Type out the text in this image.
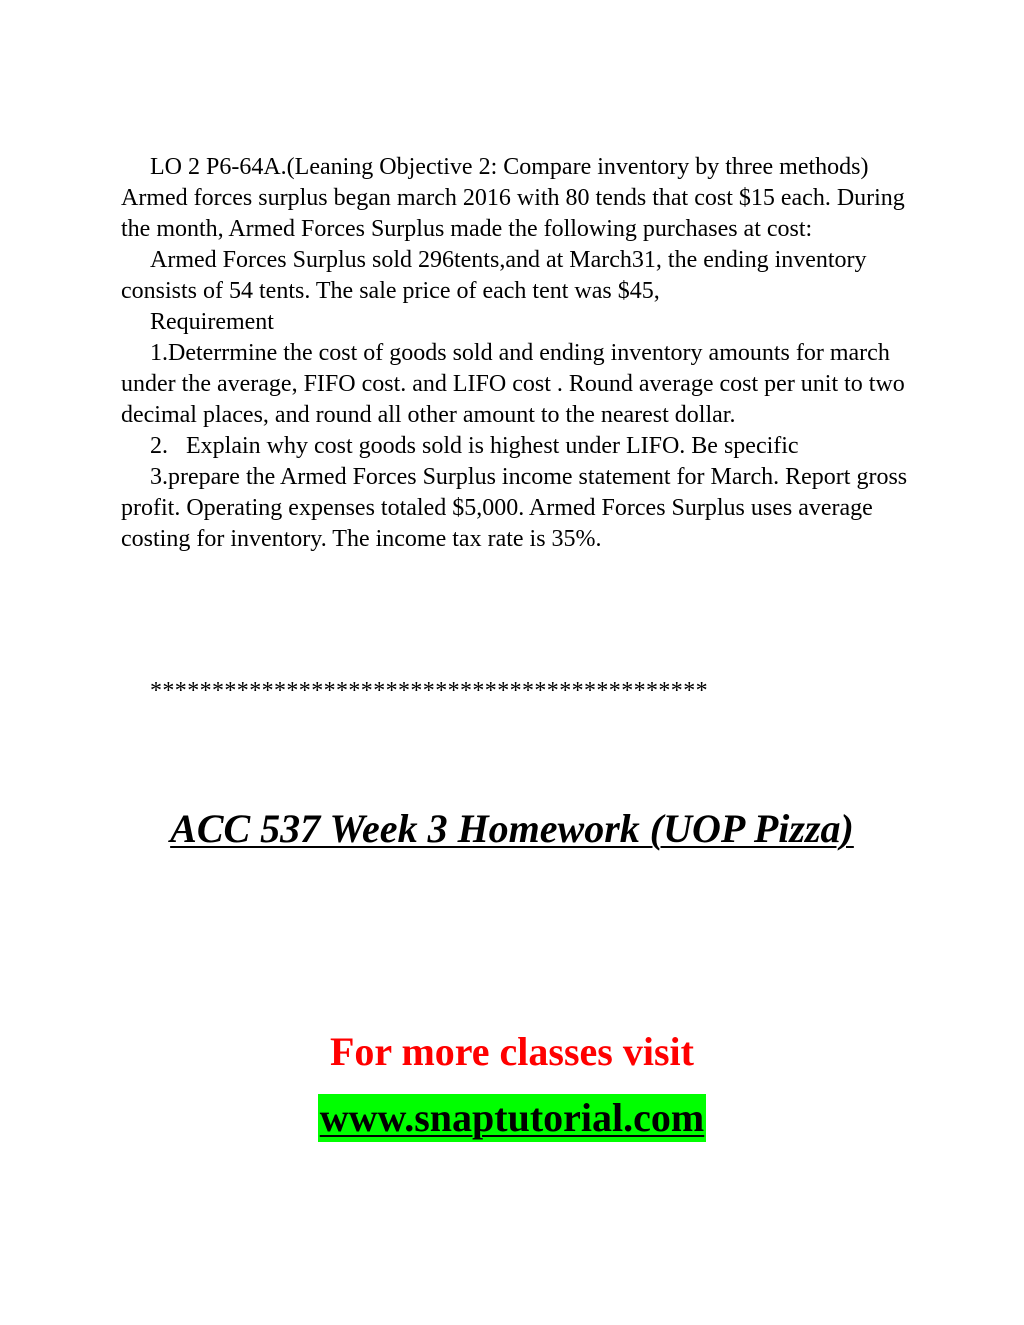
LO 2 P6-64A.(Leaning Objective 2: Compare inventory by three methods) Armed forces surplus began march 2016 with 80 tends that cost $15 each. During the month, Armed Forces Surplus made the following purchases at cost:

Armed Forces Surplus sold 296tents,and at March31, the ending inventory consists of 54 tents. The sale price of each tent was $45,

Requirement

1.Deterrmine the cost of goods sold and ending inventory amounts for march under the average, FIFO cost. and LIFO cost . Round average cost per unit to two decimal places, and round all other amount to the nearest dollar.

2.   Explain why cost goods sold is highest under LIFO. Be specific

3.prepare the Armed Forces Surplus income statement for March. Report gross profit. Operating expenses totaled $5,000. Armed Forces Surplus uses average costing for inventory. The income tax rate is 35%.

*********************************************
ACC 537 Week 3 Homework (UOP Pizza)
For more classes visit
www.snaptutorial.com
